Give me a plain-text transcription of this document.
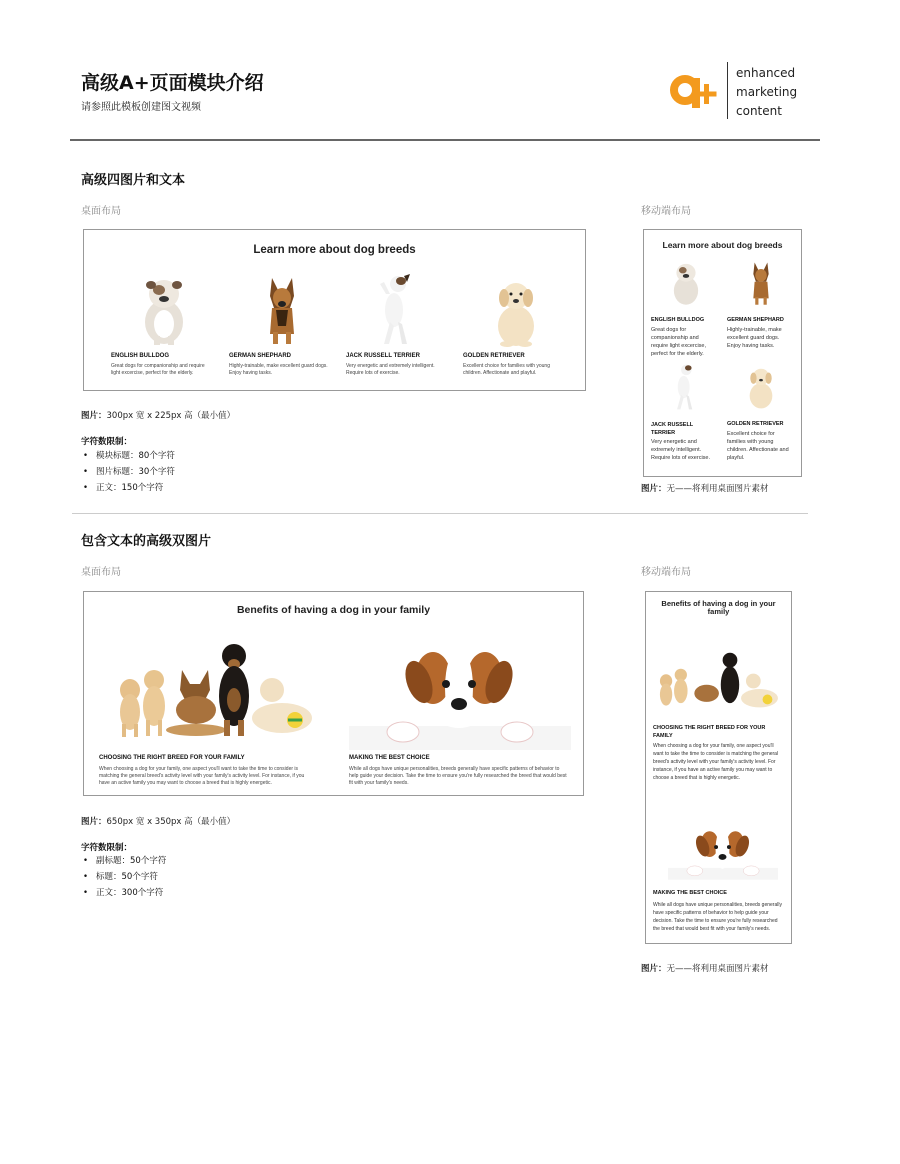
高级A+页面模块介绍
请参照此模板创建图文视频
enhanced
marketing
content
高级四图片和文本
桌面布局	移动端布局
Learn more about dog breeds
ENGLISH BULLDOG
Great dogs for companionship and require light excercise, perfect for the elderly.
GERMAN SHEPHARD
Highly-trainable, make excellent guard dogs. Enjoy having tasks.
JACK RUSSELL TERRIER
Very energetic and extremely intelligent. Require lots of exercise.
GOLDEN RETRIEVER
Excellent choice for families with young children. Affectionate and playful.
图片：300px 宽 x 225px 高（最小值）
字符数限制：
• 模块标题：80个字符
• 图片标题：30个字符
• 正文：150个字符
Learn more about dog breeds
ENGLISH BULLDOG
Great dogs for companionship and require light excercise, perfect for the elderly.
GERMAN SHEPHARD
Highly-trainable, make excellent guard dogs. Enjoy having tasks.
JACK RUSSELL TERRIER
Very energetic and extremely intelligent. Require lots of exercise.
GOLDEN RETRIEVER
Excellent choice for families with young children. Affectionate and playful.
图片：无——将利用桌面图片素材
包含文本的高级双图片
桌面布局	移动端布局
Benefits of having a dog in your family
CHOOSING THE RIGHT BREED FOR YOUR FAMILY
When choosing a dog for your family, one aspect you'll want to take the time to consider is matching the general breed's activity level with your family's activity level. For instance, if you have an active family you may want to choose a breed that is highly energetic.
MAKING THE BEST CHOICE
While all dogs have unique personalities, breeds generally have specific patterns of behavior to help guide your decision. Take the time to ensure you're fully researched the breed that would best fit with your family's needs.
图片：650px 宽 x 350px 高（最小值）
字符数限制：
• 副标题：50个字符
• 标题：50个字符
• 正文：300个字符
Benefits of having a dog in your family
CHOOSING THE RIGHT BREED FOR YOUR FAMILY
When choosing a dog for your family, one aspect you'll want to take the time to consider is matching the general breed's activity level with your family's activity level. For instance, if you have an active family you may want to choose a breed that is highly energetic.
MAKING THE BEST CHOICE
While all dogs have unique personalities, breeds generally have specific patterns of behavior to help guide your decision. Take the time to ensure you're fully researched the breed that would best fit with your family's needs.
图片：无——将利用桌面图片素材
